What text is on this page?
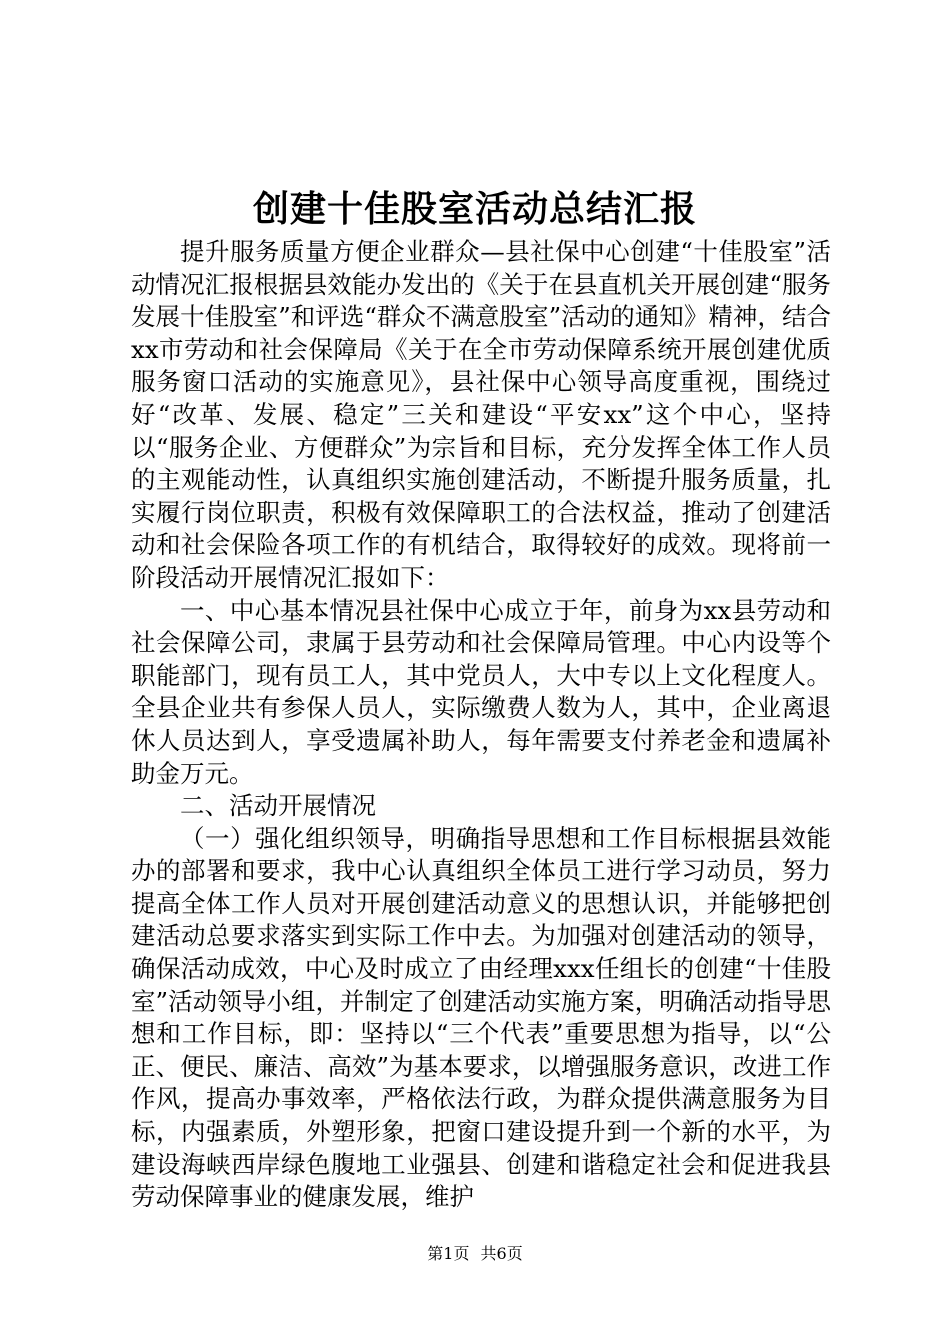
创建十佳股室活动总结汇报

提升服务质量方便企业群众—县社保中心创建“十佳股室”活动情况汇报根据县效能办发出的《关于在县直机关开展创建“服务发展十佳股室”和评选“群众不满意股室”活动的通知》精神，结合xx市劳动和社会保障局《关于在全市劳动保障系统开展创建优质服务窗口活动的实施意见》，县社保中心领导高度重视，围绕过好“改革、发展、稳定”三关和建设“平安xx”这个中心，坚持以“服务企业、方便群众”为宗旨和目标，充分发挥全体工作人员的主观能动性，认真组织实施创建活动，不断提升服务质量，扎实履行岗位职责，积极有效保障职工的合法权益，推动了创建活动和社会保险各项工作的有机结合，取得较好的成效。现将前一阶段活动开展情况汇报如下：

一、中心基本情况县社保中心成立于年，前身为xx县劳动和社会保障公司，隶属于县劳动和社会保障局管理。中心内设等个职能部门，现有员工人，其中党员人，大中专以上文化程度人。全县企业共有参保人员人，实际缴费人数为人，其中，企业离退休人员达到人，享受遗属补助人，每年需要支付养老金和遗属补助金万元。

二、活动开展情况

（一）强化组织领导，明确指导思想和工作目标根据县效能办的部署和要求，我中心认真组织全体员工进行学习动员，努力提高全体工作人员对开展创建活动意义的思想认识，并能够把创建活动总要求落实到实际工作中去。为加强对创建活动的领导，确保活动成效，中心及时成立了由经理xxx任组长的创建“十佳股室”活动领导小组，并制定了创建活动实施方案，明确活动指导思想和工作目标，即：坚持以“三个代表”重要思想为指导，以“公正、便民、廉洁、高效”为基本要求，以增强服务意识，改进工作作风，提高办事效率，严格依法行政，为群众提供满意服务为目标，内强素质，外塑形象，把窗口建设提升到一个新的水平，为建设海峡西岸绿色腹地工业强县、创建和谐稳定社会和促进我县劳动保障事业的健康发展，维护

第1页 共6页
